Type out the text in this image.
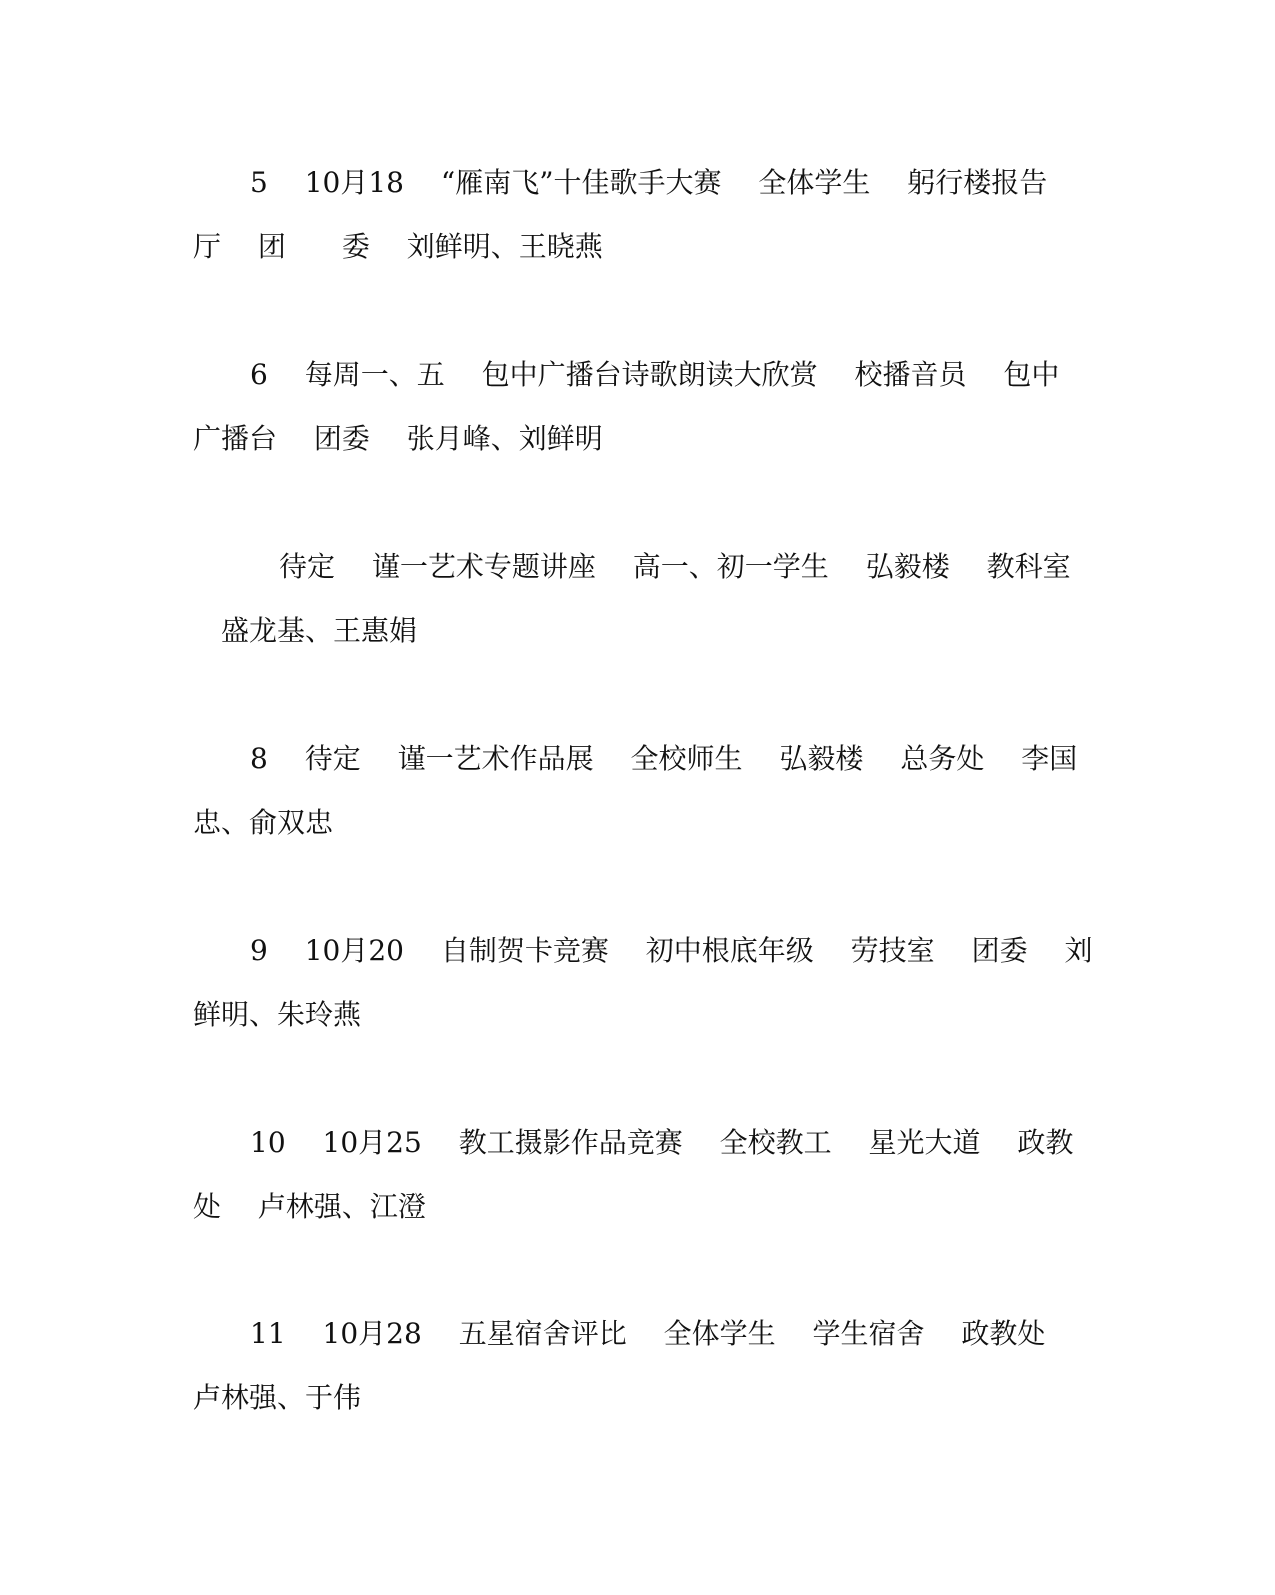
5　 10月18　 “雁南飞”十佳歌手大赛　 全体学生　 躬行楼报告
厅　 团　　委　 刘鲜明、王晓燕
6　 每周一、五　 包中广播台诗歌朗读大欣赏　 校播音员　 包中
广播台　 团委　 张月峰、刘鲜明
待定　 谨一艺术专题讲座　 高一、初一学生　 弘毅楼　 教科室
盛龙基、王惠娟
8　 待定　 谨一艺术作品展　 全校师生　 弘毅楼　 总务处　 李国
忠、俞双忠
9　 10月20　 自制贺卡竞赛　 初中根底年级　 劳技室　 团委　 刘
鲜明、朱玲燕
10　 10月25　 教工摄影作品竞赛　 全校教工　 星光大道　 政教
处　 卢林强、江澄
11　 10月28　 五星宿舍评比　 全体学生　 学生宿舍　 政教处
卢林强、于伟
